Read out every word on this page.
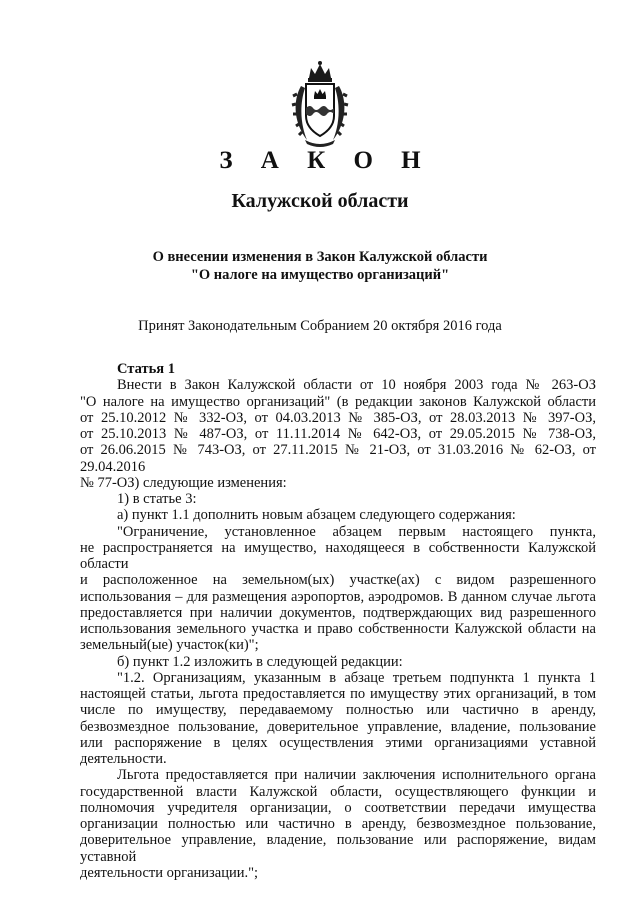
З А К О Н
Калужской области
О внесении изменения в Закон Калужской области
"О налоге на имущество организаций"
Принят Законодательным Собранием 20 октября 2016 года

Статья 1

Внести в Закон Калужской области от 10 ноября 2003 года № 263-ОЗ

"О налоге на имущество организаций" (в редакции законов Калужской области

от 25.10.2012 № 332-ОЗ, от 04.03.2013 № 385-ОЗ, от 28.03.2013 № 397-ОЗ,

от 25.10.2013 № 487-ОЗ, от 11.11.2014 № 642-ОЗ, от 29.05.2015 № 738-ОЗ,

от 26.06.2015 № 743-ОЗ, от 27.11.2015 № 21-ОЗ, от 31.03.2016 № 62-ОЗ, от 29.04.2016

№ 77-ОЗ) следующие изменения:

1) в статье 3:

а) пункт 1.1 дополнить новым абзацем следующего содержания:

"Ограничение, установленное абзацем первым настоящего пункта,

не распространяется на имущество, находящееся в собственности Калужской области

и расположенное на земельном(ых) участке(ах) с видом разрешенного

использования – для размещения аэропортов, аэродромов. В данном случае льгота

предоставляется при наличии документов, подтверждающих вид разрешенного

использования земельного участка и право собственности Калужской области на

земельный(ые) участок(ки)";

б) пункт 1.2 изложить в следующей редакции:

"1.2. Организациям, указанным в абзаце третьем подпункта 1 пункта 1

настоящей статьи, льгота предоставляется по имуществу этих организаций, в том

числе по имуществу, передаваемому полностью или частично в аренду,

безвозмездное пользование, доверительное управление, владение, пользование

или распоряжение в целях осуществления этими организациями уставной

деятельности.

Льгота предоставляется при наличии заключения исполнительного органа

государственной власти Калужской области, осуществляющего функции и

полномочия учредителя организации, о соответствии передачи имущества

организации полностью или частично в аренду, безвозмездное пользование,

доверительное управление, владение, пользование или распоряжение, видам уставной

деятельности организации.";
